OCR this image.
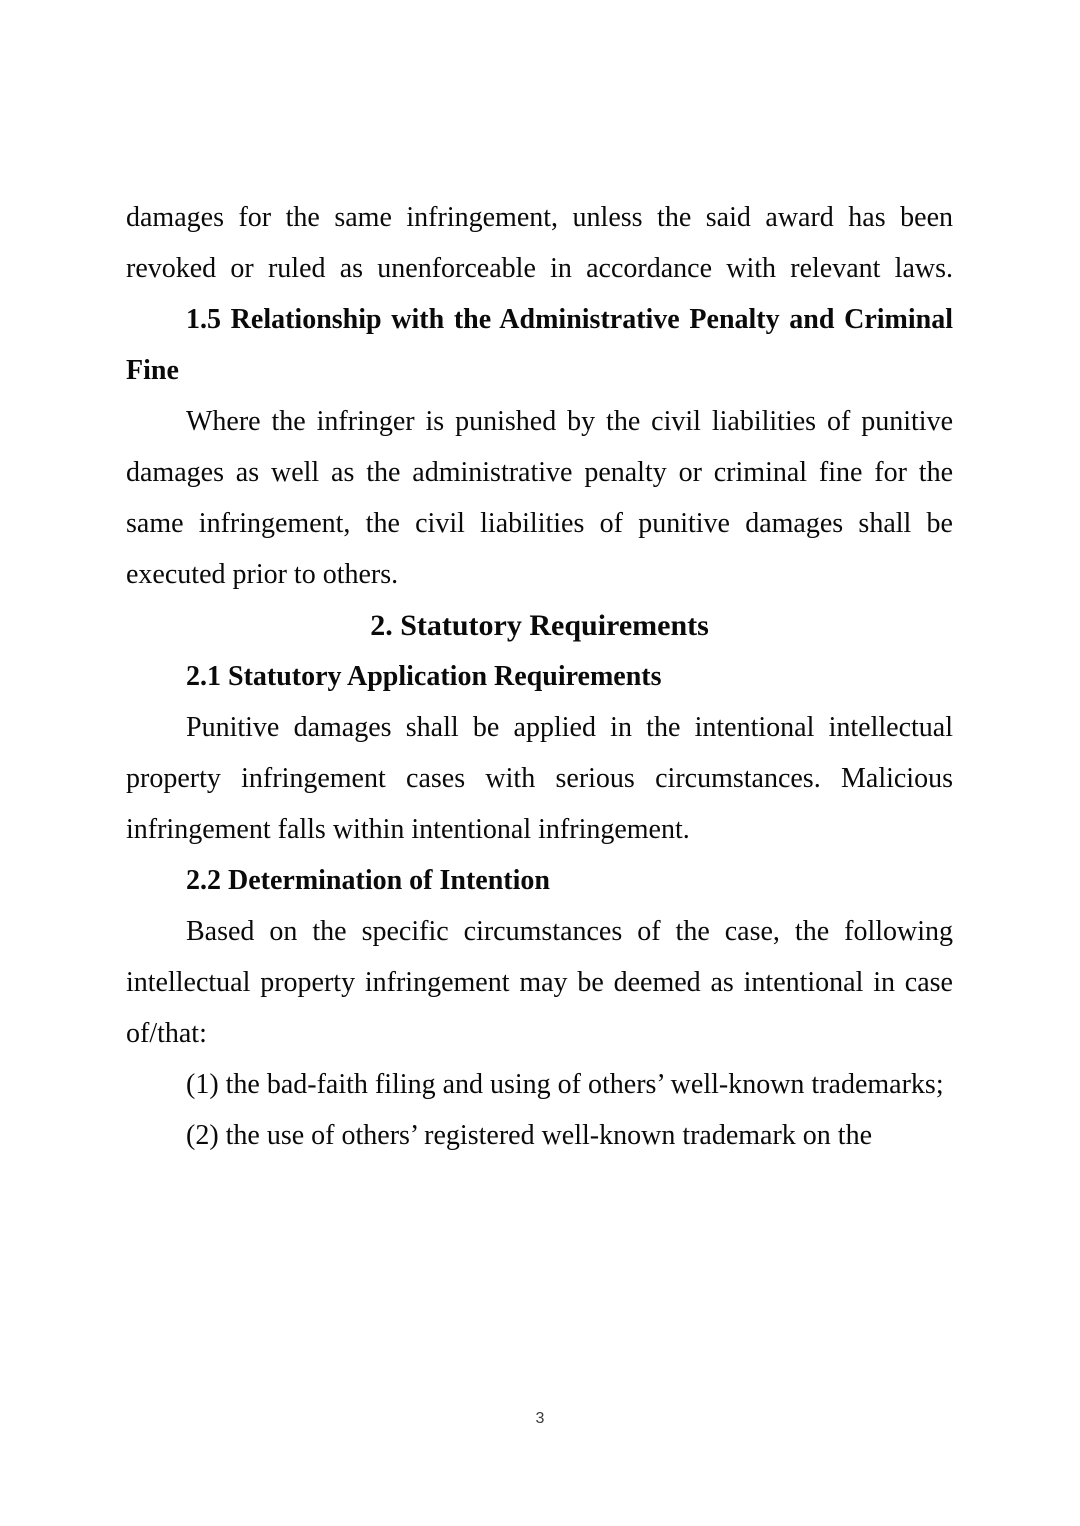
damages for the same infringement, unless the said award has been revoked or ruled as unenforceable in accordance with relevant laws.

1.5 Relationship with the Administrative Penalty and Criminal Fine

Where the infringer is punished by the civil liabilities of punitive damages as well as the administrative penalty or criminal fine for the same infringement, the civil liabilities of punitive damages shall be executed prior to others.

2. Statutory Requirements

2.1 Statutory Application Requirements

Punitive damages shall be applied in the intentional intellectual property infringement cases with serious circumstances. Malicious infringement falls within intentional infringement.

2.2 Determination of Intention

Based on the specific circumstances of the case, the following intellectual property infringement may be deemed as intentional in case of/that:

(1) the bad-faith filing and using of others’ well-known trademarks;

(2) the use of others’ registered well-known trademark on the

3
